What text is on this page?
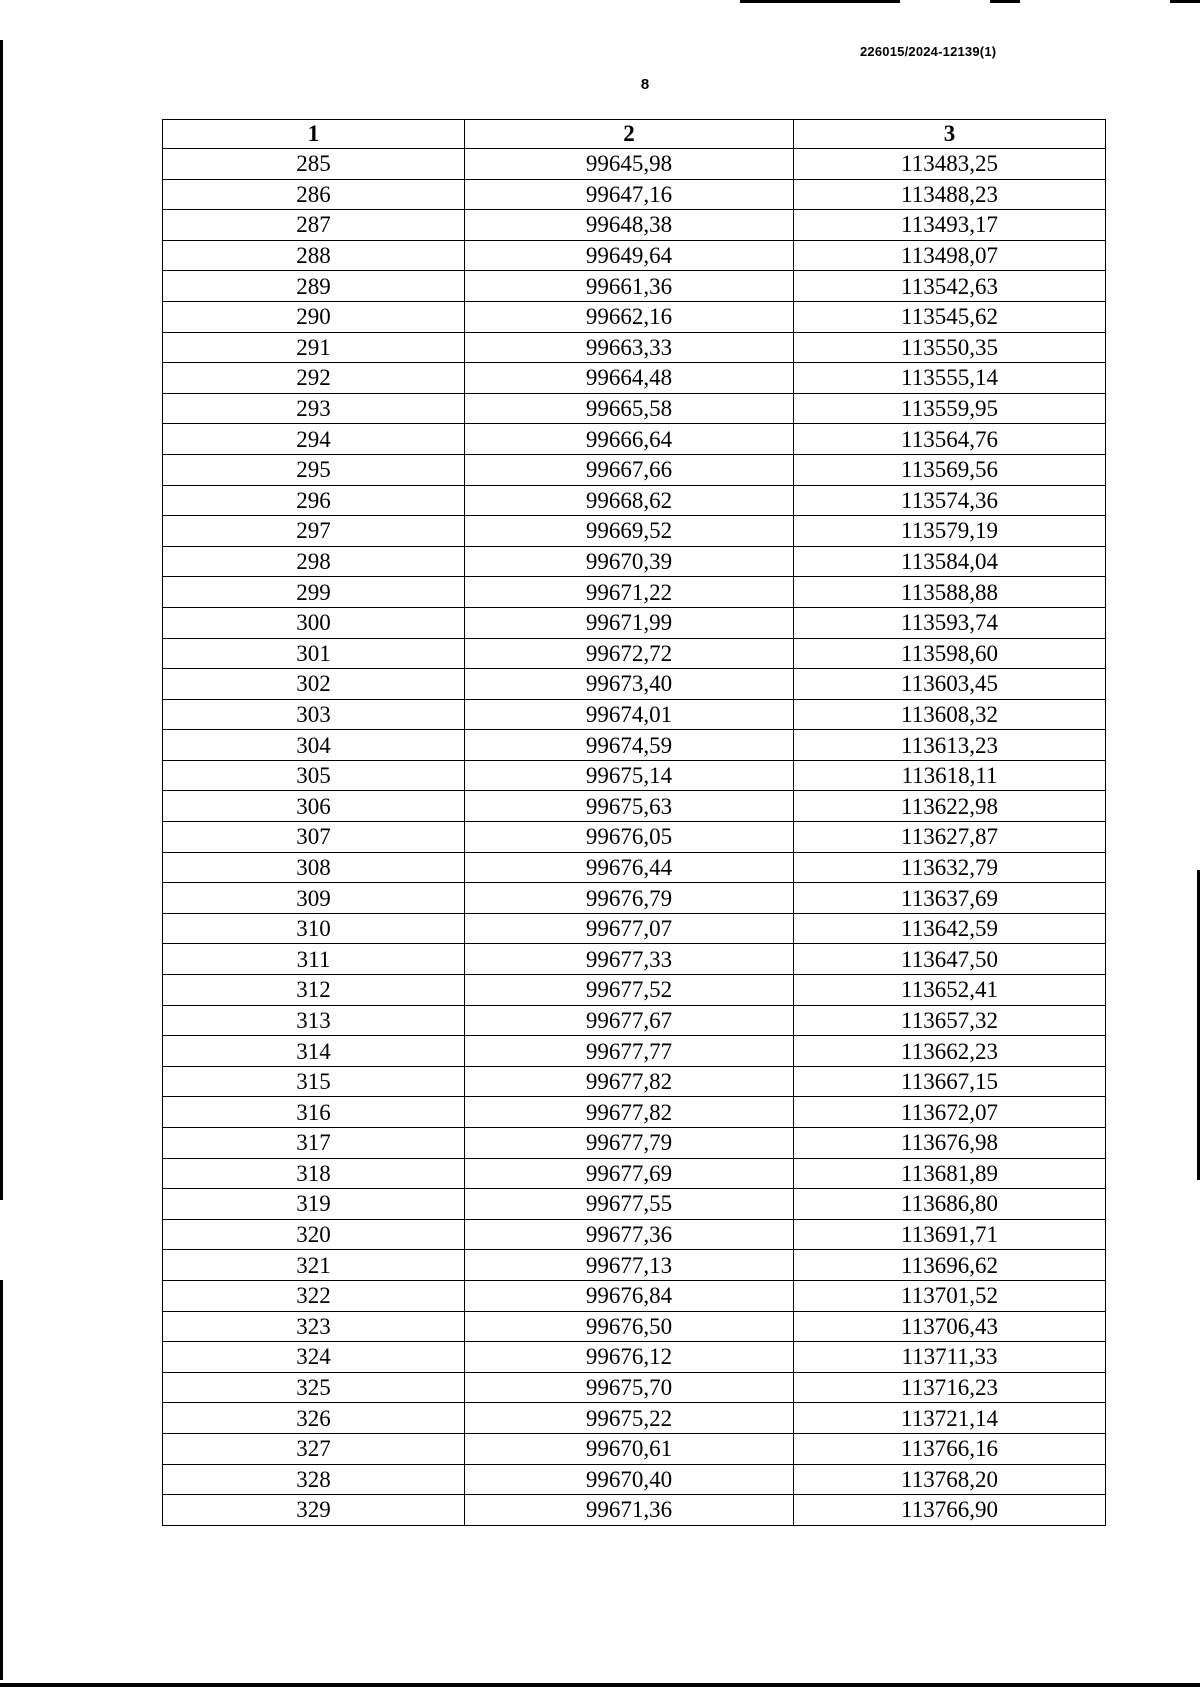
226015/2024-12139(1)
8
1	2	3
285	99645,98	113483,25
286	99647,16	113488,23
287	99648,38	113493,17
288	99649,64	113498,07
289	99661,36	113542,63
290	99662,16	113545,62
291	99663,33	113550,35
292	99664,48	113555,14
293	99665,58	113559,95
294	99666,64	113564,76
295	99667,66	113569,56
296	99668,62	113574,36
297	99669,52	113579,19
298	99670,39	113584,04
299	99671,22	113588,88
300	99671,99	113593,74
301	99672,72	113598,60
302	99673,40	113603,45
303	99674,01	113608,32
304	99674,59	113613,23
305	99675,14	113618,11
306	99675,63	113622,98
307	99676,05	113627,87
308	99676,44	113632,79
309	99676,79	113637,69
310	99677,07	113642,59
311	99677,33	113647,50
312	99677,52	113652,41
313	99677,67	113657,32
314	99677,77	113662,23
315	99677,82	113667,15
316	99677,82	113672,07
317	99677,79	113676,98
318	99677,69	113681,89
319	99677,55	113686,80
320	99677,36	113691,71
321	99677,13	113696,62
322	99676,84	113701,52
323	99676,50	113706,43
324	99676,12	113711,33
325	99675,70	113716,23
326	99675,22	113721,14
327	99670,61	113766,16
328	99670,40	113768,20
329	99671,36	113766,90
